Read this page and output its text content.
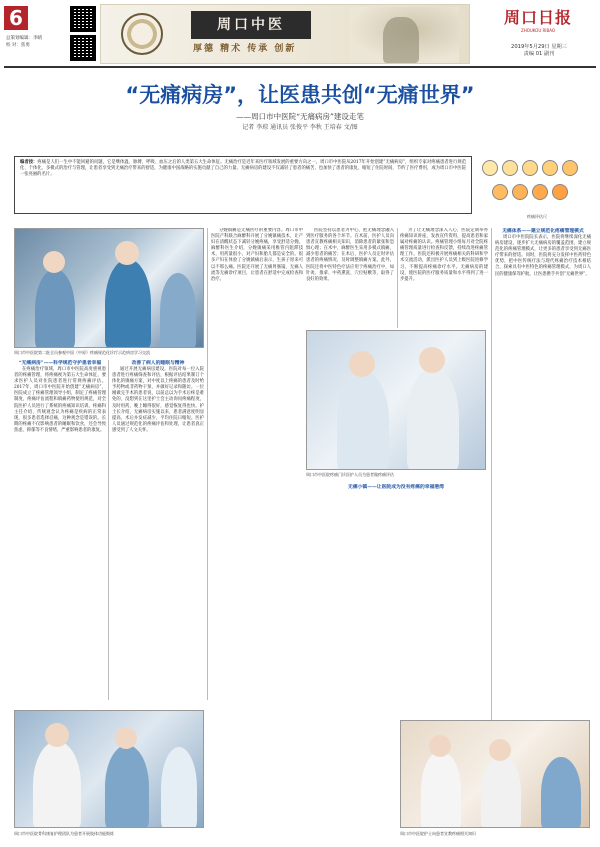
6
总策划编辑：李晴
校 对：焦勇
周口中医
厚德 精术 传承 创新
周口日报
ZHOUKOU RIBAO
2019年5月29日 星期三
责编 01 副刊
“无痛病房”，让医患共创“无痛世界”
——周口市中医院“无痛病房”建设走笔
记者 李琼 通讯员 张俊平 李秋 王培春 文/图
编者按：疼痛是人们一生中不能回避的问题，它是继体温、脉搏、呼吸、血压之后的人类第五大生命体征。无痛治疗是近年来医疗领域发展的重要方向之一。周口市中医院从2017年开始创建“无痛病房”，组织专家对疼痛患者进行规范化、个体化、多模式的治疗与管理，让患者享受到无痛治疗带来的舒适，为健康中国战略的实施贡献了自己的力量。无痛病房的建设不仅减轻了患者的痛苦，也加快了患者的康复，缩短了住院时间，节约了医疗费用，成为周口市中医院一张亮丽的名片。
疼痛评估尺
周口市中医院第二批全员参观中国（中原）疼痛规范化诊疗示范病房学习交流
“无痛病房”——科学规范守护患者幸福

在疼痛治疗领域，周口市中医院高度重视患者的疼痛管理，将疼痛视为第五大生命体征，要求医护人员对住院患者进行常规疼痛评估。2017年，周口市中医院开始创建“无痛病房”，医院成立了疼痛管理领导小组，制定了疼痛管理制度、疼痛评估流程和镇痛药物使用规范，对全院医护人员进行了系统的疼痛知识培训。疼痛科主任介绍，传统观念认为疼痛是疾病的正常表现，很多患者选择忍痛，这种观念是错误的。长期的疼痛不仅影响患者的睡眠和饮食，还会导致焦虑、抑郁等不良情绪，严重影响患者的康复。

改善了病人的睡眠与精神

通过开展无痛病房建设，医院对每一位入院患者进行疼痛筛查和评估，根据评估结果制订个体化的镇痛方案，对中度以上疼痛的患者及时给予药物或非药物干预，并做好记录和随访。一位刚做完手术的患者说，以前总以为手术后疼是难免的，没想到在这里护士会主动询问疼痛程度，及时用药，晚上睡得很好，感觉恢复得也快。护士长介绍，无痛病房实施以来，患者满意度明显提高，术后并发症减少，平均住院日缩短。医护人员通过规范化的疼痛评估和处理，让患者真正感受到了人文关怀。

分娩镇痛是无痛医疗的重要内容。周口市中医院产科联合麻醉科开展了分娩镇痛技术，让产妇在清醒状态下减轻分娩疼痛，享受舒适分娩。麻醉科医生介绍，分娩镇痛采用椎管内阻滞技术，用药量很小，对产妇和胎儿都是安全的。很多产妇在体验了分娩镇痛后表示，生孩子原来可以不那么痛。医院还开展了无痛胃肠镜、无痛人流等无痛诊疗项目，让患者在舒适中完成检查和治疗。

周口市中医院疼痛门诊医护人员为患者做疼痛评估

医院坚持以患者为中心，把无痛理念融入到医疗服务的各个环节。在术前，医护人员向患者宣教疼痛相关知识，消除患者的紧张和恐惧心理；在术中，麻醉医生采用多模式镇痛，减少患者的痛苦；在术后，医护人员定时评估患者的疼痛情况，及时调整镇痛方案。此外，医院还将中医特色疗法应用于疼痛治疗中，如针灸、推拿、中药熏洗、穴位贴敷等，取得了良好的效果。

为了让无痛理念深入人心，医院定期举办疼痛知识讲座，发放宣传资料，提高患者和家属对疼痛的认识。疼痛管理小组每月对全院疼痛管理质量进行检查和反馈，持续改进疼痛管理工作。医院还积极开展疼痛相关的科研和学术交流活动，派出医护人员到上级医院进修学习，不断提高疼痛诊疗水平。无痛病房的建设，使医院的医疗服务质量和水平得到了进一步提升。

无痛体系——建立规范化疼痛管理模式

周口市中医院院长表示，医院将继续深化无痛病房建设，逐步扩大无痛病房的覆盖范围，建立规范化的疼痛管理模式，让更多的患者享受到无痛医疗带来的舒适。同时，医院将充分发挥中医药特色优势，把中医传统疗法与现代疼痛治疗技术相结合，探索具有中医特色的疼痛管理模式，为周口人民的健康保驾护航，让医患携手共创“无痛世界”。

无痛小镇——让医院成为没有疼痛的幸福港湾
周口市中医院骨科康复护理团队为患者开展肢体功能锻炼	周口市中医院护士向患者宣教疼痛相关知识
